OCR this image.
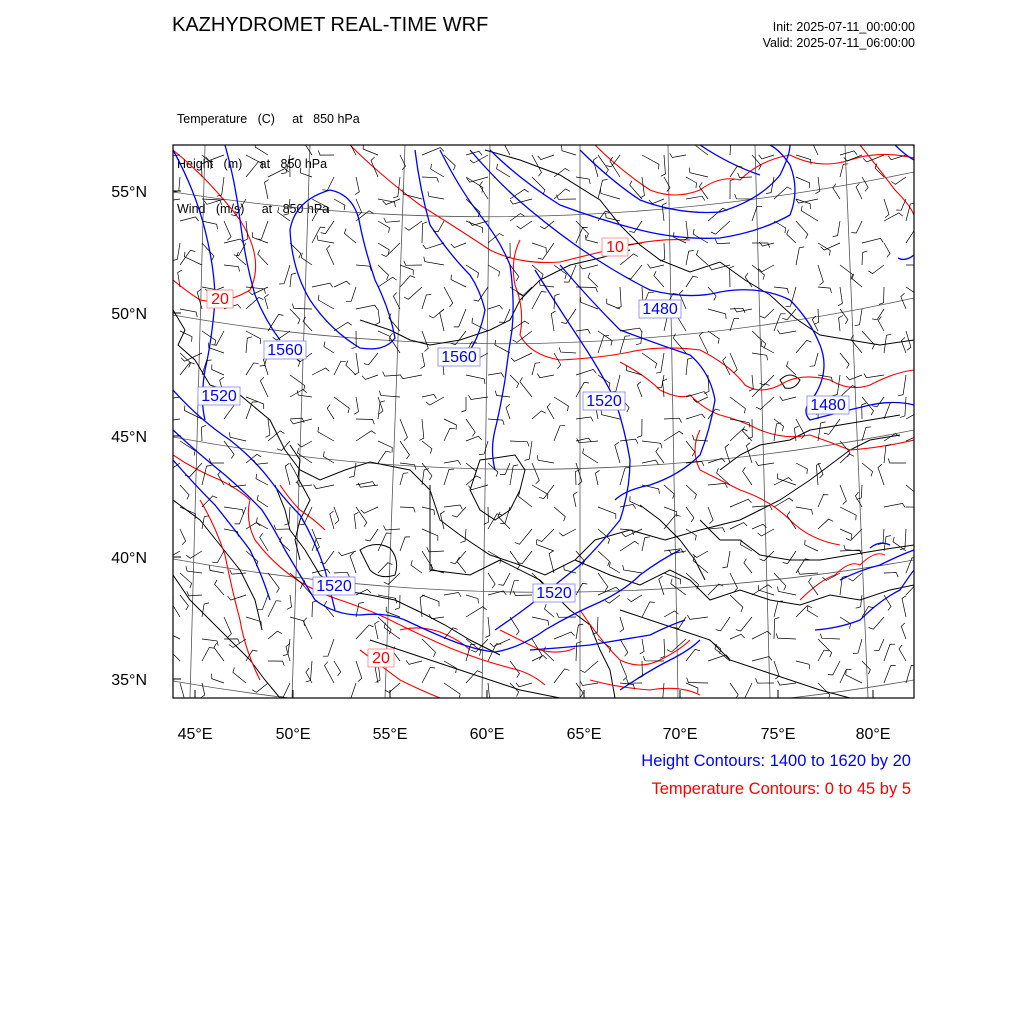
KAZHYDROMET REAL-TIME WRF	Init: 2025-07-11_00:00:00
Valid: 2025-07-11_06:00:00

Temperature   (C)     at   850 hPa

Height   (m)     at   850 hPa

Wind   (m/s)     at   850 hPa

1560
1520
1560
1480
1520	1480
1520	1520
10
20
20
45°E	50°E	55°E	60°E	65°E	70°E	75°E	80°E
55°N
50°N
45°N
40°N
35°N
Height Contours: 1400 to 1620 by 20
Temperature Contours: 0 to 45 by 5
